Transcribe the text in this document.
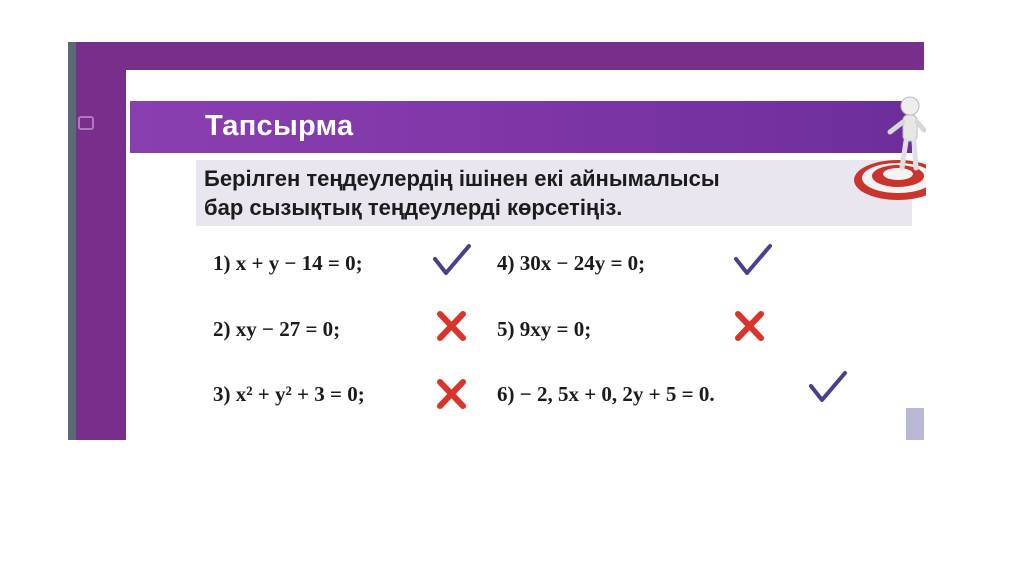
Тапсырма
Берілген теңдеулердің ішінен екі айнымалысы
бар сызықтық теңдеулерді көрсетіңіз.
1) x + y − 14 = 0;
2) xy − 27 = 0;
3) x² + y² + 3 = 0;
4) 30x − 24y = 0;
5) 9xy = 0;
6) − 2, 5x + 0, 2y + 5 = 0.
